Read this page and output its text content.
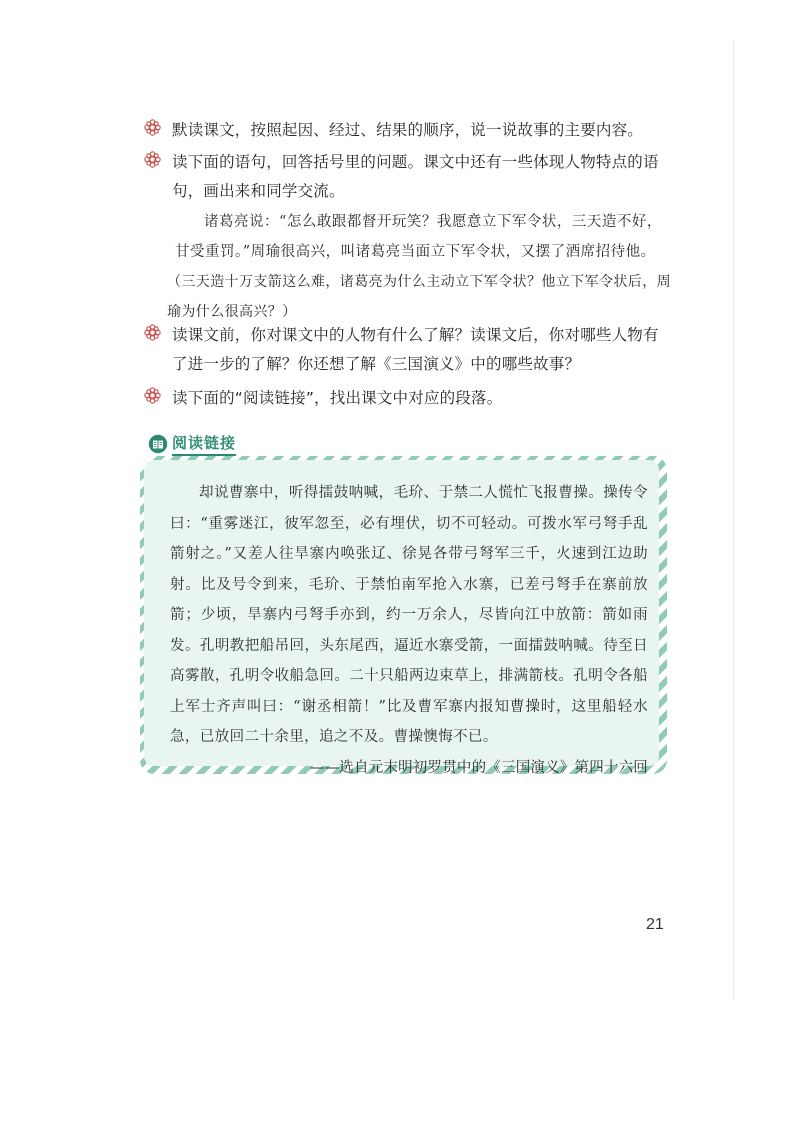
默读课文，按照起因、经过、结果的顺序，说一说故事的主要内容。
读下面的语句，回答括号里的问题。课文中还有一些体现人物特点的语句，画出来和同学交流。

诸葛亮说：“怎么敢跟都督开玩笑？我愿意立下军令状，三天造不好，甘受重罚。”周瑜很高兴，叫诸葛亮当面立下军令状，又摆了酒席招待他。

（三天造十万支箭这么难，诸葛亮为什么主动立下军令状？他立下军令状后，周瑜为什么很高兴？）

读课文前，你对课文中的人物有什么了解？读课文后，你对哪些人物有了进一步的了解？你还想了解《三国演义》中的哪些故事？
读下面的“阅读链接”，找出课文中对应的段落。
阅读链接

却说曹寨中，听得擂鼓呐喊，毛玠、于禁二人慌忙飞报曹操。操传令曰：“重雾迷江，彼军忽至，必有埋伏，切不可轻动。可拨水军弓弩手乱箭射之。”又差人往旱寨内唤张辽、徐晃各带弓弩军三千，火速到江边助射。比及号令到来，毛玠、于禁怕南军抢入水寨，已差弓弩手在寨前放箭；少顷，旱寨内弓弩手亦到，约一万余人，尽皆向江中放箭：箭如雨发。孔明教把船吊回，头东尾西，逼近水寨受箭，一面擂鼓呐喊。待至日高雾散，孔明令收船急回。二十只船两边束草上，排满箭枝。孔明令各船上军士齐声叫曰：“谢丞相箭！”比及曹军寨内报知曹操时，这里船轻水急，已放回二十余里，追之不及。曹操懊悔不已。

——选自元末明初罗贯中的《三国演义》第四十六回

21
